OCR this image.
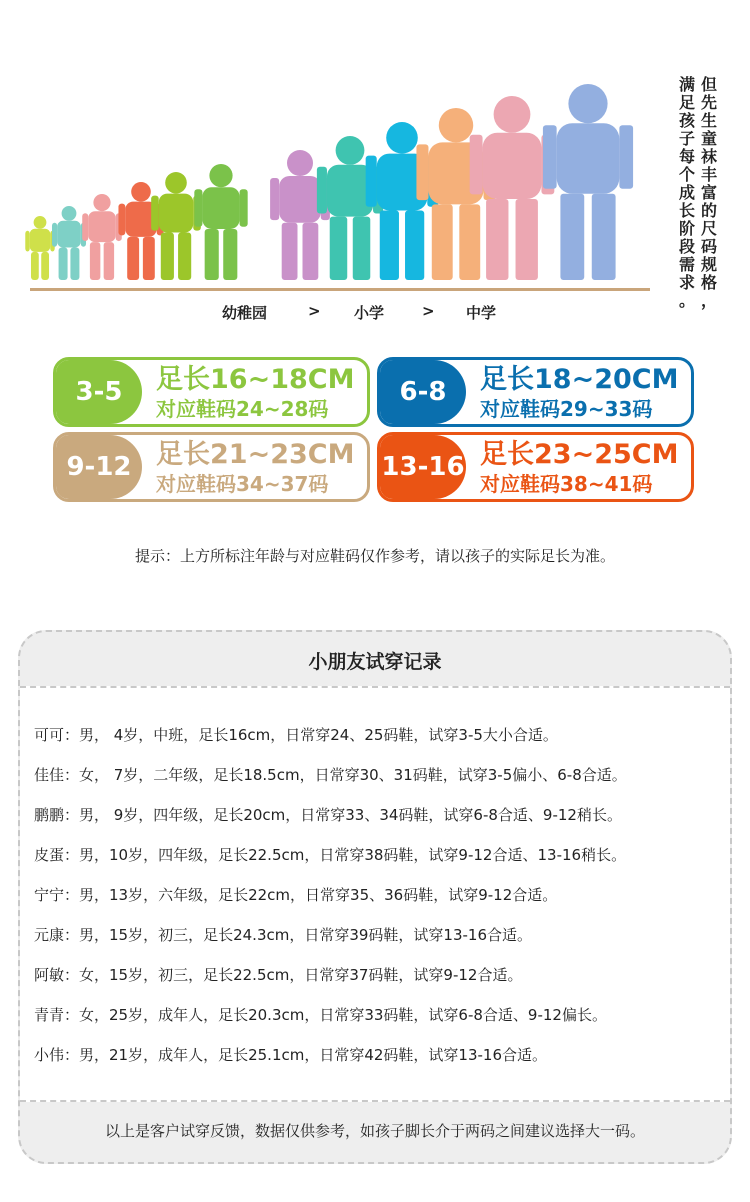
但
先
生
童
袜
丰
富
的
尺
码
规
格
，
满
足
孩
子
每
个
成
长
阶
段
需
求
。
幼稚园	> 小学	> 中学
3-5	足长16~18CM
对应鞋码24~28码
6-8	足长18~20CM
对应鞋码29~33码
9-12 足长21~23CM
对应鞋码34~37码
13-16 足长23~25CM
对应鞋码38~41码
提示：上方所标注年龄与对应鞋码仅作参考，请以孩子的实际足长为准。
小朋友试穿记录
可可：男， 4岁，中班，足长16cm，日常穿24、25码鞋，试穿3-5大小合适。
佳佳：女， 7岁，二年级，足长18.5cm，日常穿30、31码鞋，试穿3-5偏小、6-8合适。
鹏鹏：男， 9岁，四年级，足长20cm，日常穿33、34码鞋，试穿6-8合适、9-12稍长。
皮蛋：男，10岁，四年级，足长22.5cm，日常穿38码鞋，试穿9-12合适、13-16稍长。
宁宁：男，13岁，六年级，足长22cm，日常穿35、36码鞋，试穿9-12合适。
元康：男，15岁，初三，足长24.3cm，日常穿39码鞋，试穿13-16合适。
阿敏：女，15岁，初三，足长22.5cm，日常穿37码鞋，试穿9-12合适。
青青：女，25岁，成年人，足长20.3cm，日常穿33码鞋，试穿6-8合适、9-12偏长。
小伟：男，21岁，成年人，足长25.1cm，日常穿42码鞋，试穿13-16合适。
以上是客户试穿反馈，数据仅供参考，如孩子脚长介于两码之间建议选择大一码。
